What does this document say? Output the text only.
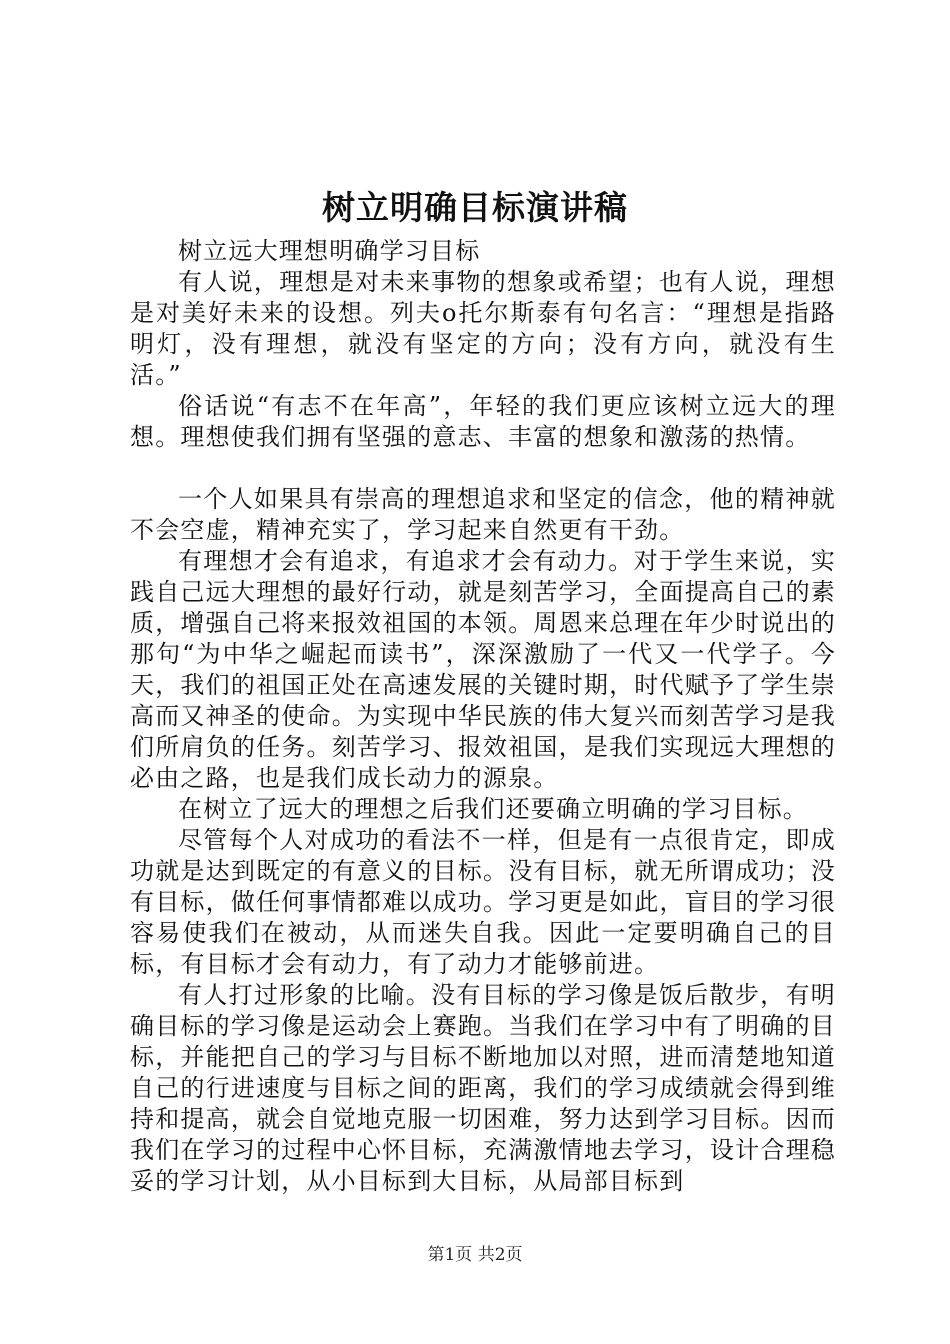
树立明确目标演讲稿

树立远大理想明确学习目标

有人说，理想是对未来事物的想象或希望；也有人说，理想是对美好未来的设想。列夫o托尔斯泰有句名言：“理想是指路明灯，没有理想，就没有坚定的方向；没有方向，就没有生活。”

俗话说“有志不在年高”，年轻的我们更应该树立远大的理想。理想使我们拥有坚强的意志、丰富的想象和激荡的热情。

一个人如果具有崇高的理想追求和坚定的信念，他的精神就不会空虚，精神充实了，学习起来自然更有干劲。

有理想才会有追求，有追求才会有动力。对于学生来说，实践自己远大理想的最好行动，就是刻苦学习，全面提高自己的素质，增强自己将来报效祖国的本领。周恩来总理在年少时说出的那句“为中华之崛起而读书”，深深激励了一代又一代学子。今天，我们的祖国正处在高速发展的关键时期，时代赋予了学生崇高而又神圣的使命。为实现中华民族的伟大复兴而刻苦学习是我们所肩负的任务。刻苦学习、报效祖国，是我们实现远大理想的必由之路，也是我们成长动力的源泉。

在树立了远大的理想之后我们还要确立明确的学习目标。

尽管每个人对成功的看法不一样，但是有一点很肯定，即成功就是达到既定的有意义的目标。没有目标，就无所谓成功；没有目标，做任何事情都难以成功。学习更是如此，盲目的学习很容易使我们在被动，从而迷失自我。因此一定要明确自己的目标，有目标才会有动力，有了动力才能够前进。

有人打过形象的比喻。没有目标的学习像是饭后散步，有明确目标的学习像是运动会上赛跑。当我们在学习中有了明确的目标，并能把自己的学习与目标不断地加以对照，进而清楚地知道自己的行进速度与目标之间的距离，我们的学习成绩就会得到维持和提高，就会自觉地克服一切困难，努力达到学习目标。因而我们在学习的过程中心怀目标，充满激情地去学习，设计合理稳妥的学习计划，从小目标到大目标，从局部目标到

第1页 共2页
